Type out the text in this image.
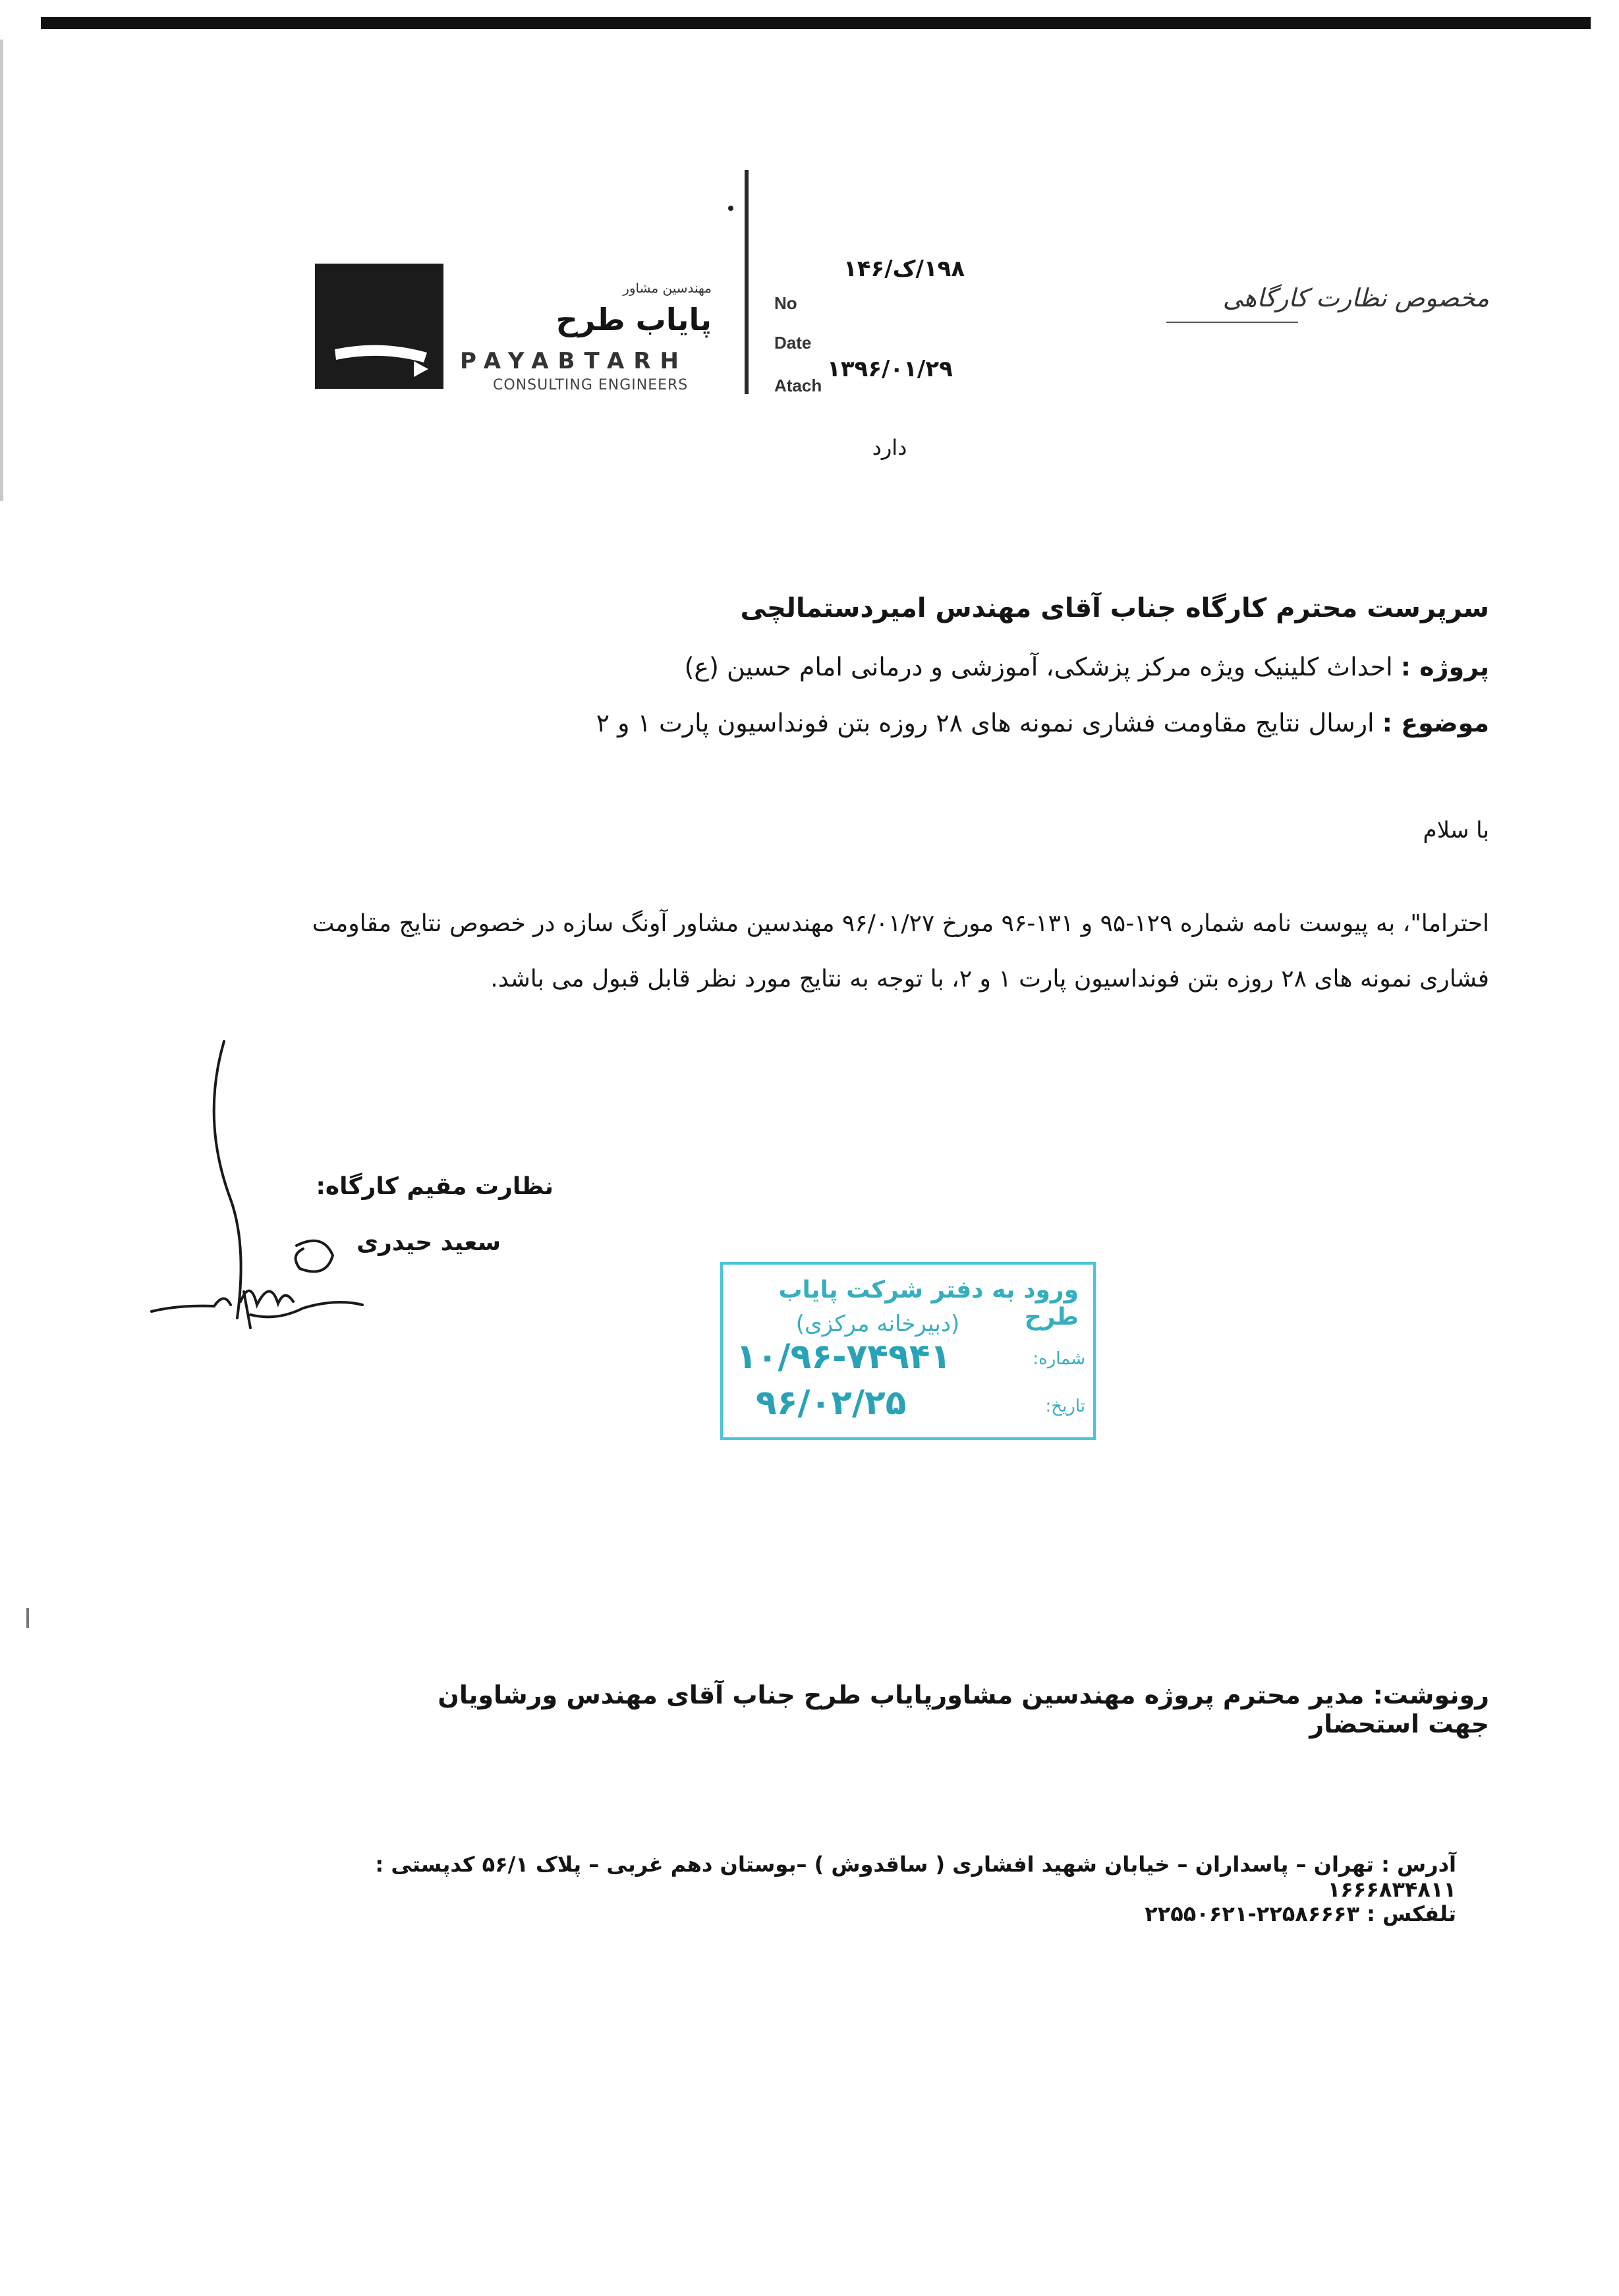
مهندسین مشاور
پایاب طرح
PAYABTARH
CONSULTING ENGINEERS
No
Date
Atach
۱۹۸/ک/۱۴۶
۱۳۹۶/۰۱/۲۹
مخصوص نظارت کارگاهی
دارد
سرپرست محترم کارگاه جناب آقای مهندس امیردستمالچی
پروژه : احداث کلینیک ویژه مرکز پزشکی، آموزشی و درمانی امام حسین (ع)
موضوع : ارسال نتایج مقاومت فشاری نمونه های ۲۸ روزه بتن فونداسیون پارت ۱ و ۲
با سلام
احتراما"، به پیوست نامه شماره ۱۲۹-۹۵ و ۱۳۱-۹۶ مورخ ۹۶/۰۱/۲۷ مهندسین مشاور آونگ سازه در خصوص نتایج مقاومت فشاری نمونه های ۲۸ روزه بتن فونداسیون پارت ۱ و ۲، با توجه به نتایج مورد نظر قابل قبول می باشد.
نظارت مقیم کارگاه:
سعید حیدری
ورود به دفتر شرکت پایاب طرح
(دبیرخانه مرکزی)
شماره:
۱۰/۹۶-۷۴۹۴۱
تاریخ:
۹۶/۰۲/۲۵
رونوشت: مدیر محترم پروژه مهندسین مشاورپایاب طرح جناب آقای مهندس ورشاویان جهت استحضار
آدرس : تهران – پاسداران – خیابان شهید افشاری ( ساقدوش ) –بوستان دهم غربی – پلاک ۵۶/۱ کدپستی : ۱۶۶۶۸۳۴۸۱۱
تلفکس : ۲۲۵۸۶۶۶۳-۲۲۵۵۰۶۲۱
